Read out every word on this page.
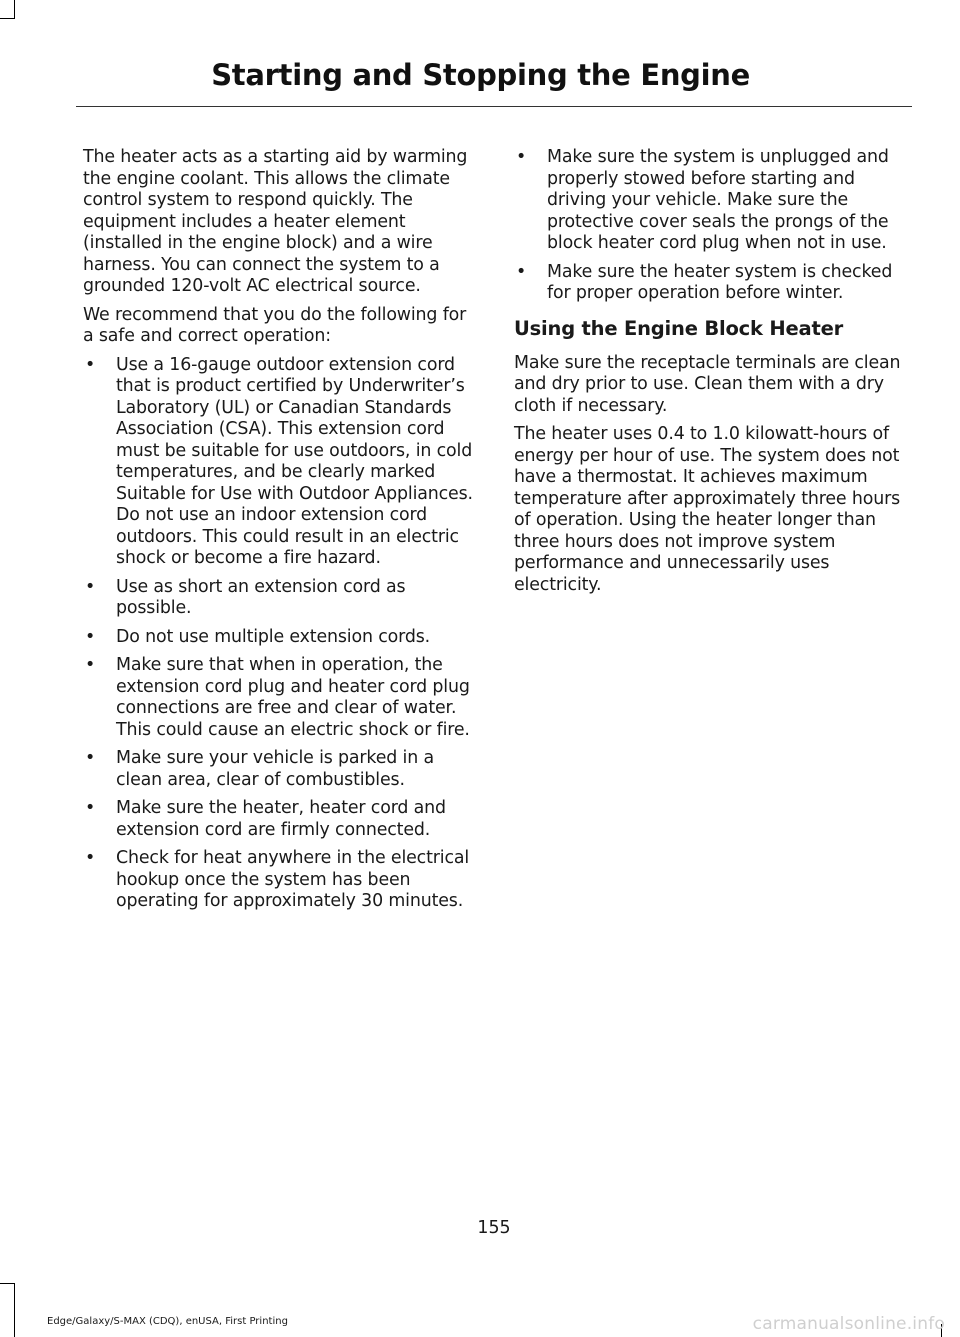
Starting and Stopping the Engine

The heater acts as a starting aid by warming the engine coolant. This allows the climate control system to respond quickly. The equipment includes a heater element (installed in the engine block) and a wire harness. You can connect the system to a grounded 120-volt AC electrical source.

We recommend that you do the following for a safe and correct operation:

• Use a 16-gauge outdoor extension cord that is product certified by Underwriter’s Laboratory (UL) or Canadian Standards Association (CSA). This extension cord must be suitable for use outdoors, in cold temperatures, and be clearly marked Suitable for Use with Outdoor Appliances. Do not use an indoor extension cord outdoors. This could result in an electric shock or become a fire hazard.
• Use as short an extension cord as possible.
• Do not use multiple extension cords.
• Make sure that when in operation, the extension cord plug and heater cord plug connections are free and clear of water. This could cause an electric shock or fire.
• Make sure your vehicle is parked in a clean area, clear of combustibles.
• Make sure the heater, heater cord and extension cord are firmly connected.
• Check for heat anywhere in the electrical hookup once the system has been operating for approximately 30 minutes.
• Make sure the system is unplugged and properly stowed before starting and driving your vehicle. Make sure the protective cover seals the prongs of the block heater cord plug when not in use.
• Make sure the heater system is checked for proper operation before winter.
Using the Engine Block Heater

Make sure the receptacle terminals are clean and dry prior to use. Clean them with a dry cloth if necessary.

The heater uses 0.4 to 1.0 kilowatt-hours of energy per hour of use. The system does not have a thermostat. It achieves maximum temperature after approximately three hours of operation. Using the heater longer than three hours does not improve system performance and unnecessarily uses electricity.

155
Edge/Galaxy/S-MAX (CDQ), enUSA, First Printing	carmanualsonline.info
